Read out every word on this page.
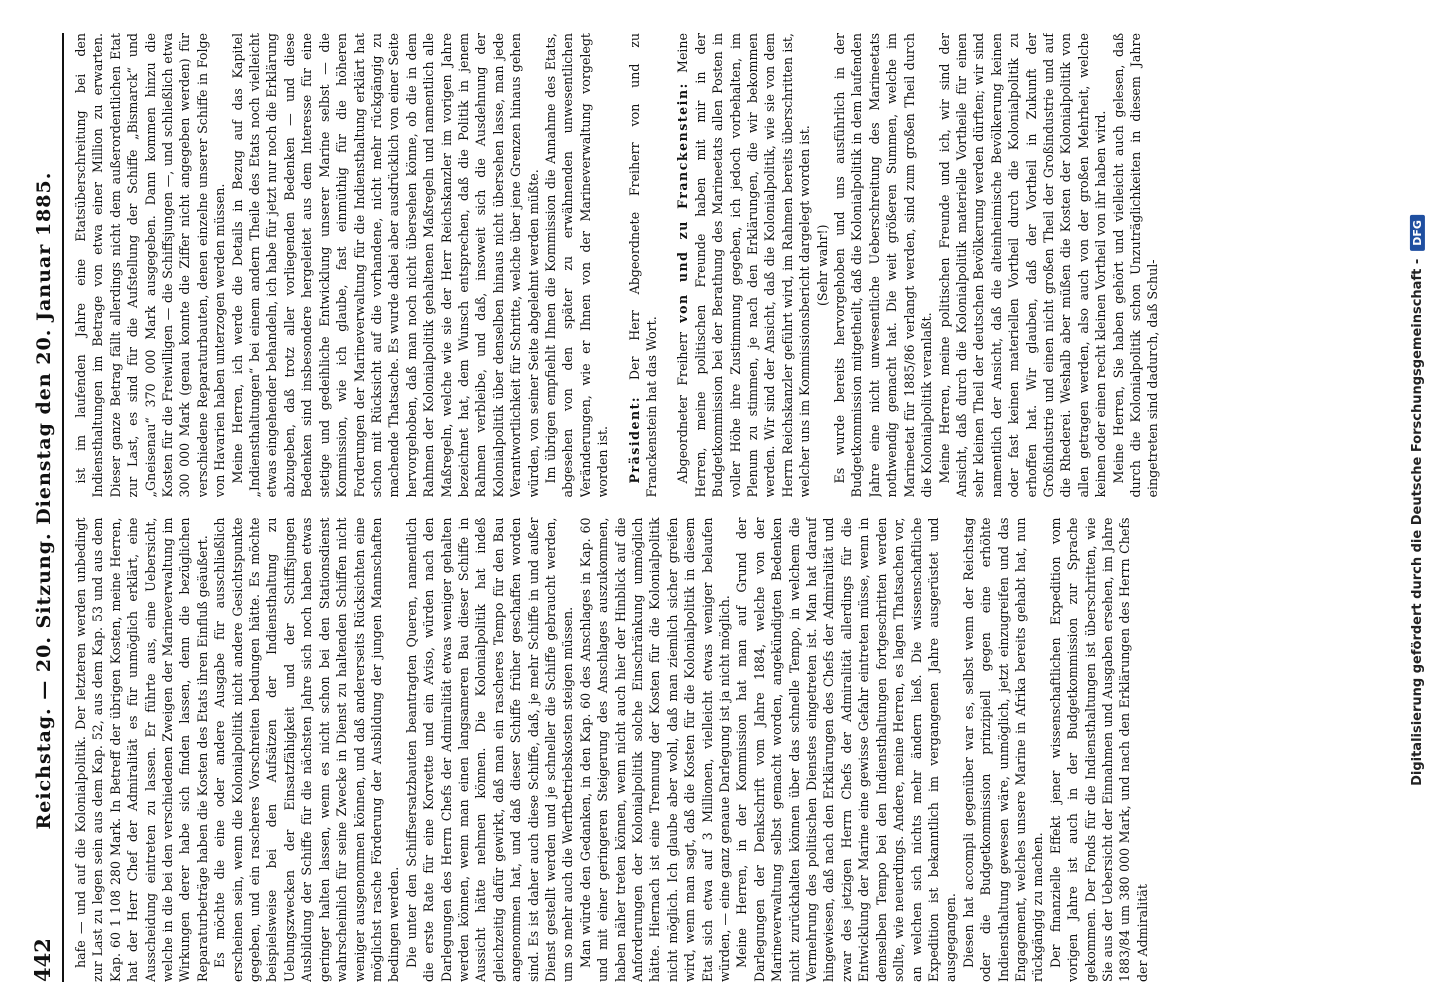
442
Reichstag. — 20. Sitzung. Dienstag den 20. Januar 1885. hafe — und auf die Kolonialpolitik. Der letzteren werden unbedingt zur Last zu legen sein aus dem Kap. 52, aus dem Kap. 53 und aus dem Kap. 60 1 108 280 Mark. In Betreff der übrigen Kosten, meine Herren, hat der Herr Chef der Admiralität es für unmöglich erklärt, eine Ausscheidung eintreten zu lassen. Er führte aus, eine Uebersicht, welche in die bei den verschiedenen Zweigen der Marineverwaltung im Wirkungen derer habe sich finden lassen, denn die bezüglichen Reparaturbeträge haben die Kosten des Etats ihren Einfluß geäußert. Es möchte die eine oder andere Ausgabe für ausschließlich erscheinen sein, wenn die Kolonialpolitik nicht andere Gesichtspunkte gegeben, und ein rascheres Vorschreiten bedungen hätte. Es möchte beispielsweise bei den Aufsätzen der Indiensthaltung zu Uebungszwecken der Einsatzfähigkeit und der Schiffsjungen Ausbildung der Schiffe für die nächsten Jahre sich noch haben etwas geringer halten lassen, wenn es nicht schon bei den Stationsdienst wahrscheinlich für seine Zwecke in Dienst zu haltenden Schiffen nicht weniger ausgenommen können, und daß andererseits Rücksichten eine möglichst rasche Förderung der Ausbildung der jungen Mannschaften bedingen werden. Die unter den Schiffsersatzbauten beantragten Queren, namentlich die erste Rate für eine Korvette und ein Aviso, würden nach den Darlegungen des Herrn Chefs der Admiralität etwas weniger gehalten werden können, wenn man einen langsameren Bau dieser Schiffe in Aussicht hätte nehmen können. Die Kolonialpolitik hat indeß gleichzeitig dafür gewirkt, daß man ein rascheres Tempo für den Bau angenommen hat, und daß dieser Schiffe früher geschaffen worden sind. Es ist daher auch diese Schiffe, daß, je mehr Schiffe in und außer Dienst gestellt werden und je schneller die Schiffe gebraucht werden, um so mehr auch die Werftbetriebskosten steigen müssen. Man würde den Gedanken, in den Kap. 60 des Anschlages in Kap. 60 und mit einer geringeren Steigerung des Anschlages auszukommen, haben näher treten können, wenn nicht auch hier der Hinblick auf die Anforderungen der Kolonialpolitik solche Einschränkung unmöglich hätte. Hiernach ist eine Trennung der Kosten für die Kolonialpolitik nicht möglich. Ich glaube aber wohl, daß man ziemlich sicher greifen wird, wenn man sagt, daß die Kosten für die Kolonialpolitik in diesem Etat sich etwa auf 3 Millionen, vielleicht etwas weniger belaufen würden, — eine ganz genaue Darlegung ist ja nicht möglich. Meine Herren, in der Kommission hat man auf Grund der Darlegungen der Denkschrift vom Jahre 1884, welche von der Marineverwaltung selbst gemacht worden, angekündigten Bedenken nicht zurückhalten können über das schnelle Tempo, in welchem die Vermehrung des politischen Dienstes eingetreten ist. Man hat darauf hingewiesen, daß nach den Erklärungen des Chefs der Admiralität und zwar des jetzigen Herrn Chefs der Admiralität allerdings für die Entwicklung der Marine eine gewisse Gefahr eintreten müsse, wenn in demselben Tempo bei den Indiensthaltungen fortgeschritten werden sollte, wie neuerdings. Andere, meine Herren, es lagen Thatsachen vor, an welchen sich nichts mehr ändern ließ. Die wissenschaftliche Expedition ist bekanntlich im vergangenen Jahre ausgerüstet und ausgegangen. Diesen hat accompli gegenüber war es, selbst wenn der Reichstag oder die Budgetkommission prinzipiell gegen eine erhöhte Indiensthaltung gewesen wäre, unmöglich, jetzt einzugreifen und das Engagement, welches unsere Marine in Afrika bereits gehabt hat, nun rückgängig zu machen. Der finanzielle Effekt jener wissenschaftlichen Expedition vom vorigen Jahre ist auch in der Budgetkommission zur Sprache gekommen. Der Fonds für die Indiensthaltungen ist überschritten, wie Sie aus der Uebersicht der Einnahmen und Ausgaben ersehen, im Jahre 1883/84 um 380 000 Mark, und nach den Erklärungen des Herrn Chefs der Admiralität

ist im laufenden Jahre eine Etatsüberschreitung bei den Indiensthaltungen im Betrage von etwa einer Million zu erwarten. Dieser ganze Betrag fällt allerdings nicht dem außerordentlichen Etat zur Last, es sind für die Aufstellung der Schiffe „Bismarck“ und „Gneisenau“ 370 000 Mark ausgegeben. Dann kommen hinzu die Kosten für die Freiwilligen — die Schiffsjungen —, und schließlich etwa 300 000 Mark (genau konnte die Ziffer nicht angegeben werden) für verschiedene Reparaturbauten, denen einzelne unserer Schiffe in Folge von Havarien haben unterzogen werden müssen. Meine Herren, ich werde die Details in Bezug auf das Kapitel „Indiensthaltungen“ bei einem andern Theile des Etats noch vielleicht etwas eingehender behandeln, ich habe für jetzt nur noch die Erklärung abzugeben, daß trotz aller vorliegenden Bedenken — und diese Bedenken sind insbesondere hergeleitet aus dem Interesse für eine stetige und gedeihliche Entwicklung unserer Marine selbst — die Kommission, wie ich glaube, fast einmüthig für die höheren Forderungen der Marineverwaltung für die Indiensthaltung erklärt hat schon mit Rücksicht auf die vorhandene, nicht mehr rückgängig zu machende Thatsache. Es wurde dabei aber ausdrücklich von einer Seite hervorgehoben, daß man noch nicht übersehen könne, ob die in dem Rahmen der Kolonialpolitik gehaltenen Maßregeln und namentlich alle Maßregeln, welche wie sie der Herr Reichskanzler im vorigen Jahre bezeichnet hat, dem Wunsch entsprechen, daß die Politik in jenem Rahmen verbleibe, und daß, insoweit sich die Ausdehnung der Kolonialpolitik über denselben hinaus nicht übersehen lasse, man jede Verantwortlichkeit für Schritte, welche über jene Grenzen hinaus gehen würden, von seiner Seite abgelehnt werden müßte. Im übrigen empfiehlt Ihnen die Kommission die Annahme des Etats, abgesehen von den später zu erwähnenden unwesentlichen Veränderungen, wie er Ihnen von der Marineverwaltung vorgelegt worden ist. Präsident: Der Herr Abgeordnete Freiherr von und zu Franckenstein hat das Wort. Abgeordneter Freiherr von und zu Franckenstein: Meine Herren, meine politischen Freunde haben mit mir in der Budgetkommission bei der Berathung des Marineetats allen Posten in voller Höhe ihre Zustimmung gegeben, ich jedoch vorbehalten, im Plenum zu stimmen, je nach den Erklärungen, die wir bekommen werden. Wir sind der Ansicht, daß die Kolonialpolitik, wie sie von dem Herrn Reichskanzler geführt wird, im Rahmen bereits überschritten ist, welcher uns im Kommissionsbericht dargelegt worden ist. (Sehr wahr!) Es wurde bereits hervorgehoben und uns ausführlich in der Budgetkommission mitgetheilt, daß die Kolonialpolitik in dem laufenden Jahre eine nicht unwesentliche Ueberschreitung des Marineetats nothwendig gemacht hat. Die weit größeren Summen, welche im Marineetat für 1885/86 verlangt werden, sind zum großen Theil durch die Kolonialpolitik veranlaßt. Meine Herren, meine politischen Freunde und ich, wir sind der Ansicht, daß durch die Kolonialpolitik materielle Vortheile für einen sehr kleinen Theil der deutschen Bevölkerung werden dürften; wir sind namentlich der Ansicht, daß die alteinheimische Bevölkerung keinen oder fast keinen materiellen Vortheil durch die Kolonialpolitik zu erhoffen hat. Wir glauben, daß der Vortheil in Zukunft der Großindustrie und einen nicht großen Theil der Großindustrie und auf die Rhederei. Weshalb aber müßen die Kosten der Kolonialpolitik von allen getragen werden, also auch von der großen Mehrheit, welche keinen oder einen recht kleinen Vortheil von ihr haben wird. Meine Herren, Sie haben gehört und vielleicht auch gelesen, daß durch die Kolonialpolitik schon Unzuträglichkeiten in diesem Jahre eingetreten sind dadurch, daß Schul-	Digitalisierung gefördert durch die Deutsche Forschungsgemeinschaft -
DFG
